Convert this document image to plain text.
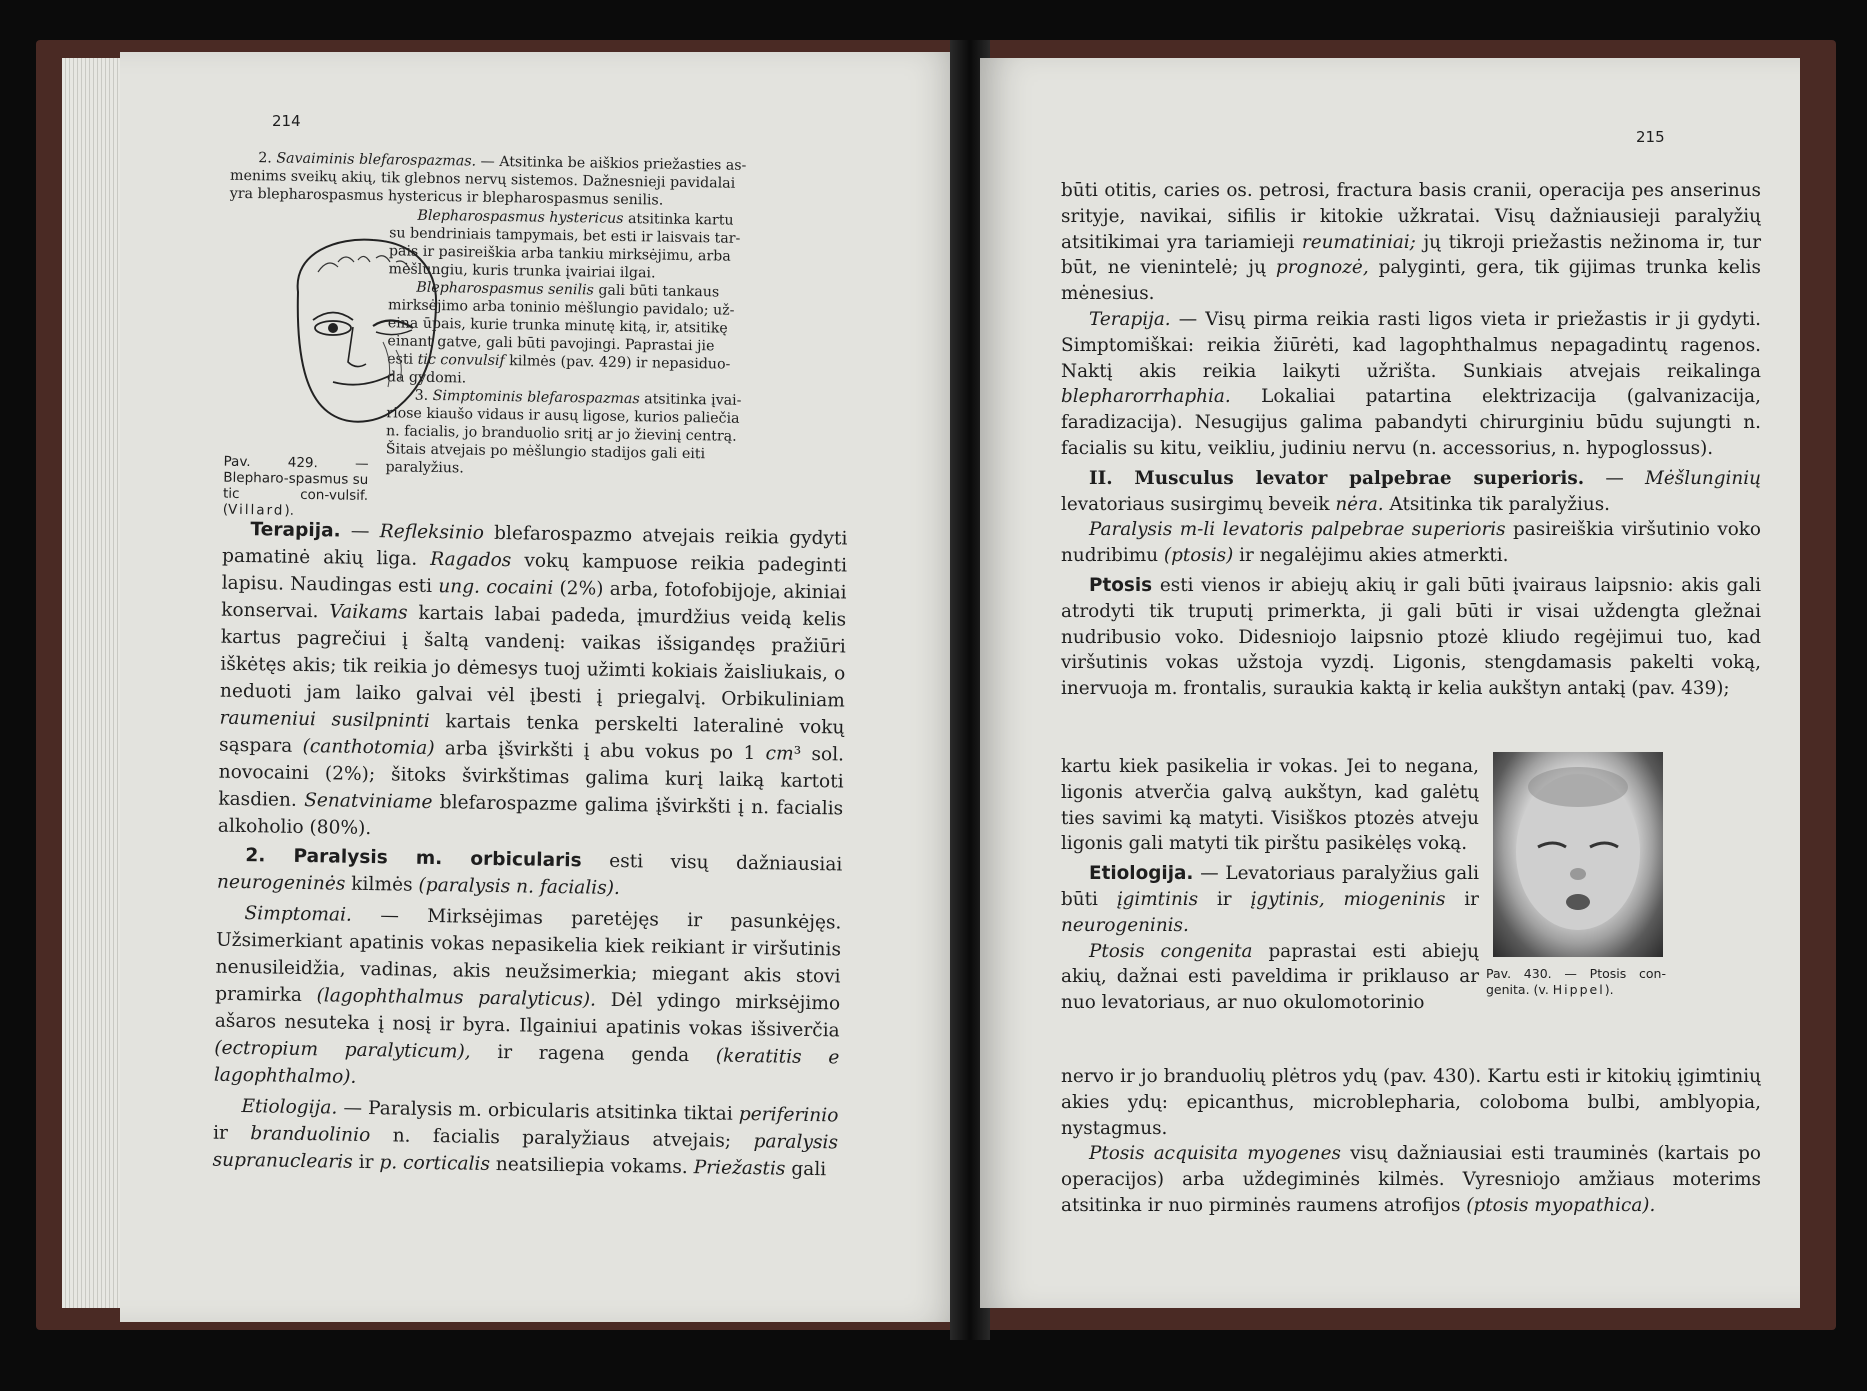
214

2. Savaiminis blefarospazmas. — Atsitinka be aiškios priežasties as-

menims sveikų akių, tik glebnos nervų sistemos. Dažnesnieji pavidalai

yra blepharospasmus hystericus ir blepharospasmus senilis.

Blepharospasmus hystericus atsitinka kartu

su bendriniais tampymais, bet esti ir laisvais tar-

pais ir pasireiškia arba tankiu mirksėjimu, arba

mėšlungiu, kuris trunka įvairiai ilgai.

Blepharospasmus senilis gali būti tankaus

mirksėjimo arba toninio mėšlungio pavidalo; už-

eina ūpais, kurie trunka minutę kitą, ir, atsitikę

einant gatve, gali būti pavojingi. Paprastai jie

esti tic convulsif kilmės (pav. 429) ir nepasiduo-

da gydomi.

3. Simptominis blefarospazmas atsitinka įvai-

riose kiaušo vidaus ir ausų ligose, kurios paliečia

n. facialis, jo branduolio sritį ar jo žievinį centrą.

Šitais atvejais po mėšlungio stadijos gali eiti

paralyžius.

Pav. 429. — Blepharo-spasmus su tic con-vulsif. (Villard).

Terapija. — Refleksinio blefarospazmo atvejais reikia gydyti pamatinė akių liga. Ragados vokų kampuose reikia padeginti lapisu. Naudingas esti ung. cocaini (2%) arba, fotofobijoje, akiniai konservai. Vaikams kartais labai padeda, įmurdžius veidą kelis kartus pagrečiui į šaltą vandenį: vaikas išsigandęs pražiūri iškėtęs akis; tik reikia jo dėmesys tuoj užimti kokiais žaisliukais, o neduoti jam laiko galvai vėl įbesti į priegalvį. Orbikuliniam raumeniui susilpninti kartais tenka perskelti lateralinė vokų sąspara (canthotomia) arba įšvirkšti į abu vokus po 1 cm³ sol. novocaini (2%); šitoks švirkštimas galima kurį laiką kartoti kasdien. Senatviniame blefarospazme galima įšvirkšti į n. facialis alkoholio (80%).

2. Paralysis m. orbicularis esti visų dažniausiai neurogeninės kilmės (paralysis n. facialis).

Simptomai. — Mirksėjimas paretėjęs ir pasunkėjęs. Užsimerkiant apatinis vokas nepasikelia kiek reikiant ir viršutinis nenusileidžia, vadinas, akis neužsimerkia; miegant akis stovi pramirka (lagophthalmus paralyticus). Dėl ydingo mirksėjimo ašaros nesuteka į nosį ir byra. Ilgainiui apatinis vokas išsiverčia (ectropium paralyticum), ir ragena genda (keratitis e lagophthalmo).

Etiologija. — Paralysis m. orbicularis atsitinka tiktai periferinio ir branduolinio n. facialis paralyžiaus atvejais; paralysis supranuclearis ir p. corticalis neatsiliepia vokams. Priežastis gali

215

būti otitis, caries os. petrosi, fractura basis cranii, operacija pes anserinus srityje, navikai, sifilis ir kitokie užkratai. Visų dažniausieji paralyžių atsitikimai yra tariamieji reumatiniai; jų tikroji priežastis nežinoma ir, tur būt, ne vienintelė; jų prognozė, palyginti, gera, tik gijimas trunka kelis mėnesius.

Terapija. — Visų pirma reikia rasti ligos vieta ir priežastis ir ji gydyti. Simptomiškai: reikia žiūrėti, kad lagophthalmus nepagadintų ragenos. Naktį akis reikia laikyti užrišta. Sunkiais atvejais reikalinga blepharorrhaphia. Lokaliai patartina elektrizacija (galvanizacija, faradizacija). Nesugijus galima pabandyti chirurginiu būdu sujungti n. facialis su kitu, veikliu, judiniu nervu (n. accessorius, n. hypoglossus).

II. Musculus levator palpebrae superioris. — Mėšlunginių levatoriaus susirgimų beveik nėra. Atsitinka tik paralyžius.

Paralysis m-li levatoris palpebrae superioris pasireiškia viršutinio voko nudribimu (ptosis) ir negalėjimu akies atmerkti.

Ptosis esti vienos ir abiejų akių ir gali būti įvairaus laipsnio: akis gali atrodyti tik truputį primerkta, ji gali būti ir visai uždengta gležnai nudribusio voko. Didesniojo laipsnio ptozė kliudo regėjimui tuo, kad viršutinis vokas užstoja vyzdį. Ligonis, stengdamasis pakelti voką, inervuoja m. frontalis, suraukia kaktą ir kelia aukštyn antakį (pav. 439);

kartu kiek pasikelia ir vokas. Jei to negana, ligonis atverčia galvą aukštyn, kad galėtų ties savimi ką matyti. Visiškos ptozės atveju ligonis gali matyti tik pirštu pasikėlęs voką.

Etiologija. — Levatoriaus paralyžius gali būti įgimtinis ir įgytinis, miogeninis ir neurogeninis.

Ptosis congenita paprastai esti abiejų akių, dažnai esti paveldima ir priklauso ar nuo levatoriaus, ar nuo okulomotorinio

nervo ir jo branduolių plėtros ydų (pav. 430). Kartu esti ir kitokių įgimtinių akies ydų: epicanthus, microblepharia, coloboma bulbi, amblyopia, nystagmus.

Ptosis acquisita myogenes visų dažniausiai esti trauminės (kartais po operacijos) arba uždegiminės kilmės. Vyresniojo amžiaus moterims atsitinka ir nuo pirminės raumens atrofijos (ptosis myopathica).

Pav. 430. — Ptosis con-genita. (v. Hippel).
